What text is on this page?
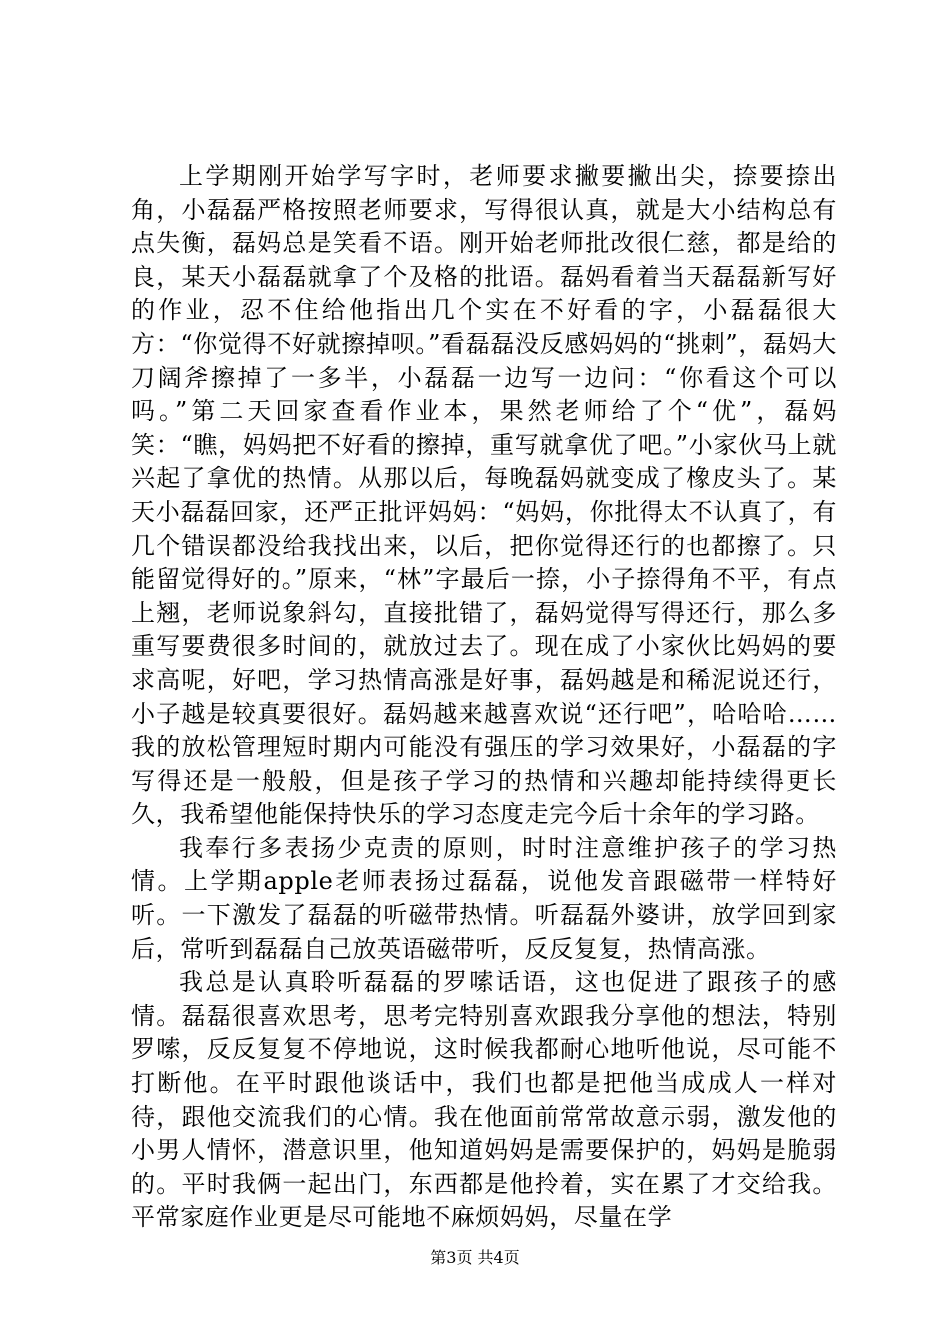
上学期刚开始学写字时，老师要求撇要撇出尖，捺要捺出角，小磊磊严格按照老师要求，写得很认真，就是大小结构总有点失衡，磊妈总是笑看不语。刚开始老师批改很仁慈，都是给的良，某天小磊磊就拿了个及格的批语。磊妈看着当天磊磊新写好的作业，忍不住给他指出几个实在不好看的字，小磊磊很大方：“你觉得不好就擦掉呗。”看磊磊没反感妈妈的“挑刺”，磊妈大刀阔斧擦掉了一多半，小磊磊一边写一边问：“你看这个可以吗。”第二天回家查看作业本，果然老师给了个“优”，磊妈笑：“瞧，妈妈把不好看的擦掉，重写就拿优了吧。”小家伙马上就兴起了拿优的热情。从那以后，每晚磊妈就变成了橡皮头了。某天小磊磊回家，还严正批评妈妈：“妈妈，你批得太不认真了，有几个错误都没给我找出来，以后，把你觉得还行的也都擦了。只能留觉得好的。”原来，“林”字最后一捺，小子捺得角不平，有点上翘，老师说象斜勾，直接批错了，磊妈觉得写得还行，那么多重写要费很多时间的，就放过去了。现在成了小家伙比妈妈的要求高呢，好吧，学习热情高涨是好事，磊妈越是和稀泥说还行，小子越是较真要很好。磊妈越来越喜欢说“还行吧”，哈哈哈……我的放松管理短时期内可能没有强压的学习效果好，小磊磊的字写得还是一般般，但是孩子学习的热情和兴趣却能持续得更长久，我希望他能保持快乐的学习态度走完今后十余年的学习路。

我奉行多表扬少克责的原则，时时注意维护孩子的学习热情。上学期apple老师表扬过磊磊，说他发音跟磁带一样特好听。一下激发了磊磊的听磁带热情。听磊磊外婆讲，放学回到家后，常听到磊磊自己放英语磁带听，反反复复，热情高涨。

我总是认真聆听磊磊的罗嗦话语，这也促进了跟孩子的感情。磊磊很喜欢思考，思考完特别喜欢跟我分享他的想法，特别罗嗦，反反复复不停地说，这时候我都耐心地听他说，尽可能不打断他。在平时跟他谈话中，我们也都是把他当成成人一样对待，跟他交流我们的心情。我在他面前常常故意示弱，激发他的小男人情怀，潜意识里，他知道妈妈是需要保护的，妈妈是脆弱的。平时我俩一起出门，东西都是他拎着，实在累了才交给我。平常家庭作业更是尽可能地不麻烦妈妈，尽量在学

第3页 共4页
